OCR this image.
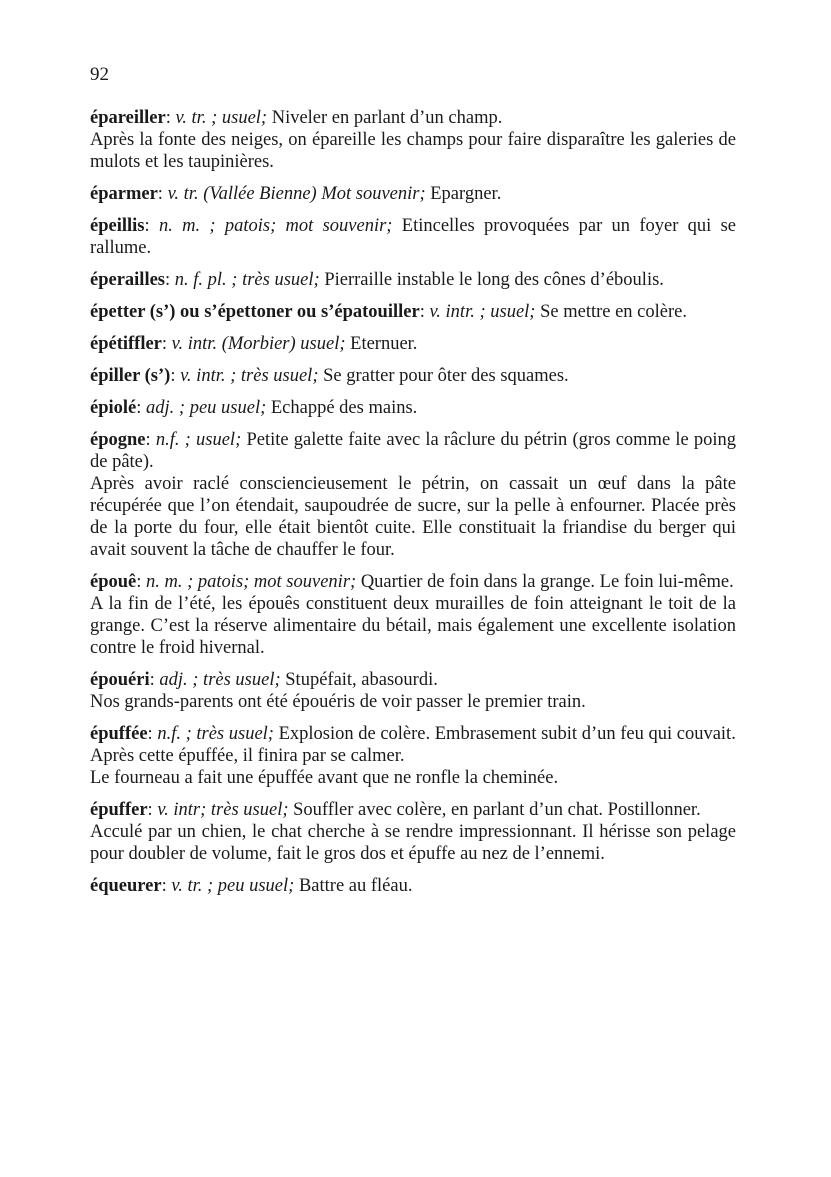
92

épareiller: v. tr. ; usuel; Niveler en parlant d’un champ.

Après la fonte des neiges, on épareille les champs pour faire disparaître les galeries de mulots et les taupinières.

éparmer: v. tr. (Vallée Bienne) Mot souvenir; Epargner.

épeillis: n. m. ; patois; mot souvenir; Etincelles provoquées par un foyer qui se rallume.

éperailles: n. f. pl. ; très usuel; Pierraille instable le long des cônes d’éboulis.

épetter (s’) ou s’épettoner ou s’épatouiller: v. intr. ; usuel; Se mettre en colère.

épétiffler: v. intr. (Morbier) usuel; Eternuer.

épiller (s’): v. intr. ; très usuel; Se gratter pour ôter des squames.

épiolé: adj. ; peu usuel; Echappé des mains.

épogne: n.f. ; usuel; Petite galette faite avec la râclure du pétrin (gros comme le poing de pâte).

Après avoir raclé consciencieusement le pétrin, on cassait un œuf dans la pâte récupérée que l’on étendait, saupoudrée de sucre, sur la pelle à enfourner. Placée près de la porte du four, elle était bientôt cuite. Elle constituait la friandise du berger qui avait souvent la tâche de chauffer le four.

épouê: n. m. ; patois; mot souvenir; Quartier de foin dans la grange. Le foin lui-même.

A la fin de l’été, les épouês constituent deux murailles de foin atteignant le toit de la grange. C’est la réserve alimentaire du bétail, mais également une excellente isolation contre le froid hivernal.

épouéri: adj. ; très usuel; Stupéfait, abasourdi.

Nos grands-parents ont été épouéris de voir passer le premier train.

épuffée: n.f. ; très usuel; Explosion de colère. Embrasement subit d’un feu qui couvait.

Après cette épuffée, il finira par se calmer.

Le fourneau a fait une épuffée avant que ne ronfle la cheminée.

épuffer: v. intr; très usuel; Souffler avec colère, en parlant d’un chat. Postillonner.

Acculé par un chien, le chat cherche à se rendre impressionnant. Il hérisse son pelage pour doubler de volume, fait le gros dos et épuffe au nez de l’ennemi.

équeurer: v. tr. ; peu usuel; Battre au fléau.
